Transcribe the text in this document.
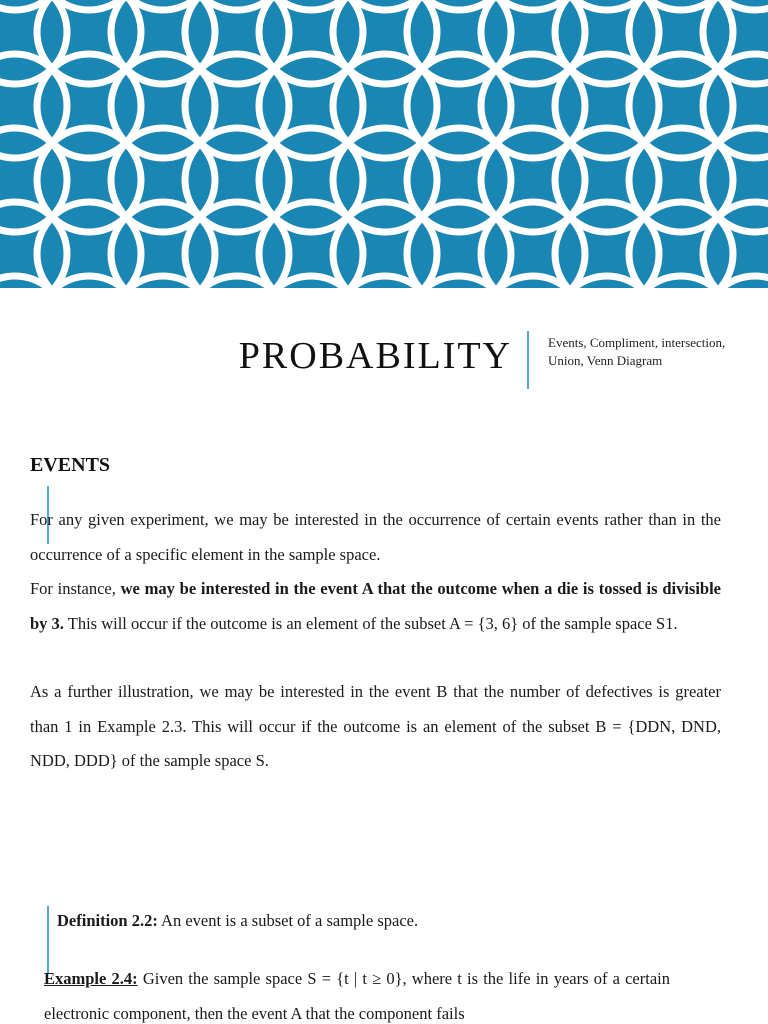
PROBABILITY	Events, Compliment, intersection, Union, Venn Diagram
EVENTS

For any given experiment, we may be interested in the occurrence of certain events rather than in the occurrence of a specific element in the sample space.

For instance, we may be interested in the event A that the outcome when a die is tossed is divisible by 3. This will occur if the outcome is an element of the subset A = {3, 6} of the sample space S1.

As a further illustration, we may be interested in the event B that the number of defectives is greater than 1 in Example 2.3. This will occur if the outcome is an element of the subset B = {DDN, DND, NDD, DDD} of the sample space S.

Definition 2.2: An event is a subset of a sample space.

Example 2.4: Given the sample space S = {t | t ≥ 0}, where t is the life in years of a certain electronic component, then the event A that the component fails
